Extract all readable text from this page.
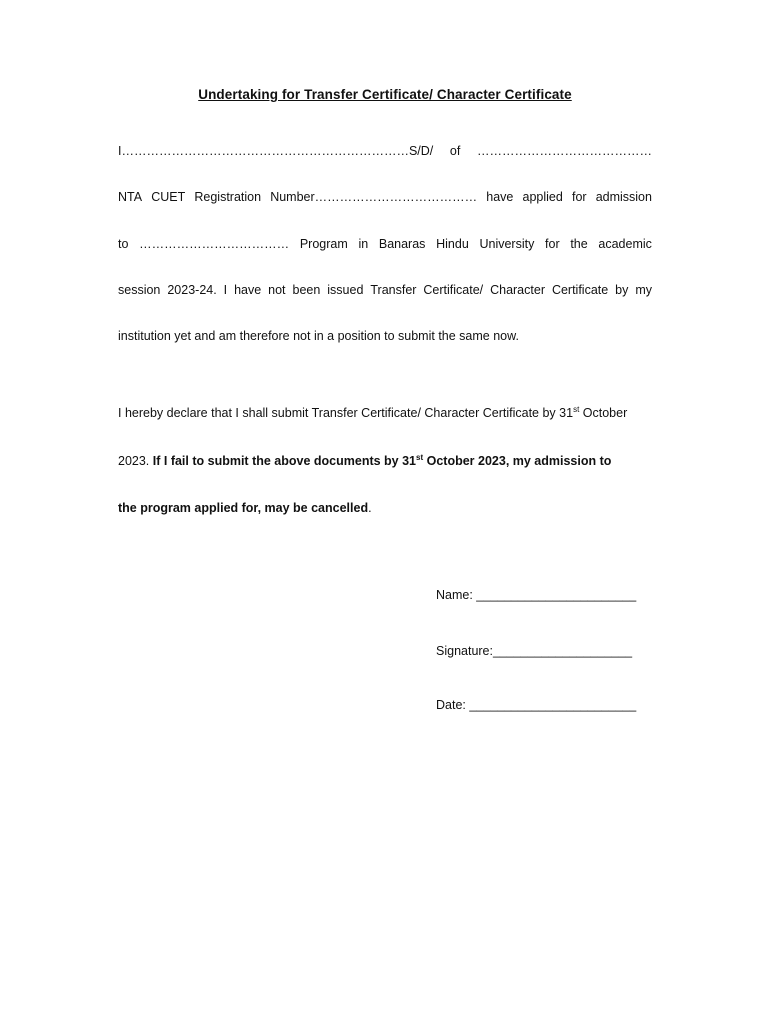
Undertaking for Transfer Certificate/ Character Certificate
I……………………………………………………………S/D/ of ……………………………………
NTA CUET Registration Number………………………………… have applied for admission
to ……………………………… Program in Banaras Hindu University for the academic
session 2023-24. I have not been issued Transfer Certificate/ Character Certificate by my
institution yet and am therefore not in a position to submit the same now.
I hereby declare that I shall submit Transfer Certificate/ Character Certificate by 31st October
2023. If I fail to submit the above documents by 31st October 2023, my admission to
the program applied for, may be cancelled.
Name: _______________________
Signature:____________________
Date: ________________________
